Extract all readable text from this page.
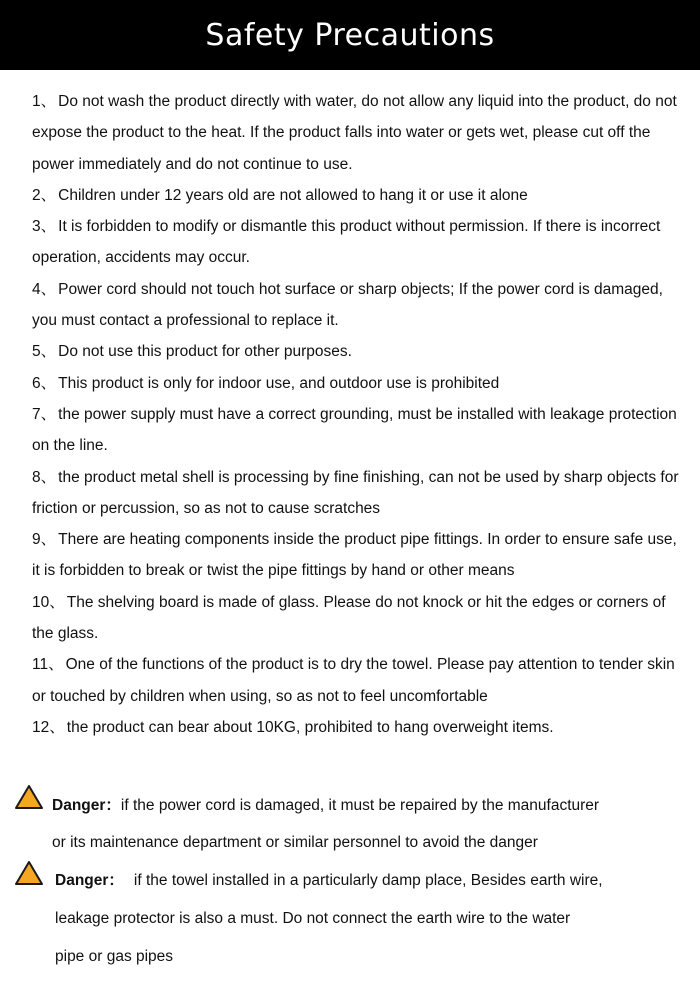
Safety Precautions

1、 Do not wash the product directly with water, do not allow any liquid into the product, do not expose the product to the heat. If the product falls into water or gets wet, please cut off the power immediately and do not continue to use.

2、 Children under 12 years old are not allowed to hang it or use it alone

3、 It is forbidden to modify or dismantle this product without permission. If there is incorrect operation, accidents may occur.

4、 Power cord should not touch hot surface or sharp objects; If the power cord is damaged, you must contact a professional to replace it.

5、 Do not use this product for other purposes.

6、 This product is only for indoor use, and outdoor use is prohibited

7、 the power supply must have a correct grounding, must be installed with leakage protection on the line.

8、 the product metal shell is processing by fine finishing, can not be used by sharp objects for friction or percussion, so as not to cause scratches

9、 There are heating components inside the product pipe fittings. In order to ensure safe use, it is forbidden to break or twist the pipe fittings by hand or other means

10、 The shelving board is made of glass. Please do not knock or hit the edges or corners of the glass.

11、 One of the functions of the product is to dry the towel. Please pay attention to tender skin or touched by children when using, so as not to feel uncomfortable

12、 the product can bear about 10KG, prohibited to hang overweight items.

Danger：if the power cord is damaged, it must be repaired by the manufacturer
or its maintenance department or similar personnel to avoid the danger
Danger： if the towel installed in a particularly damp place, Besides earth wire,
leakage protector is also a must. Do not connect the earth wire to the water
pipe or gas pipes
